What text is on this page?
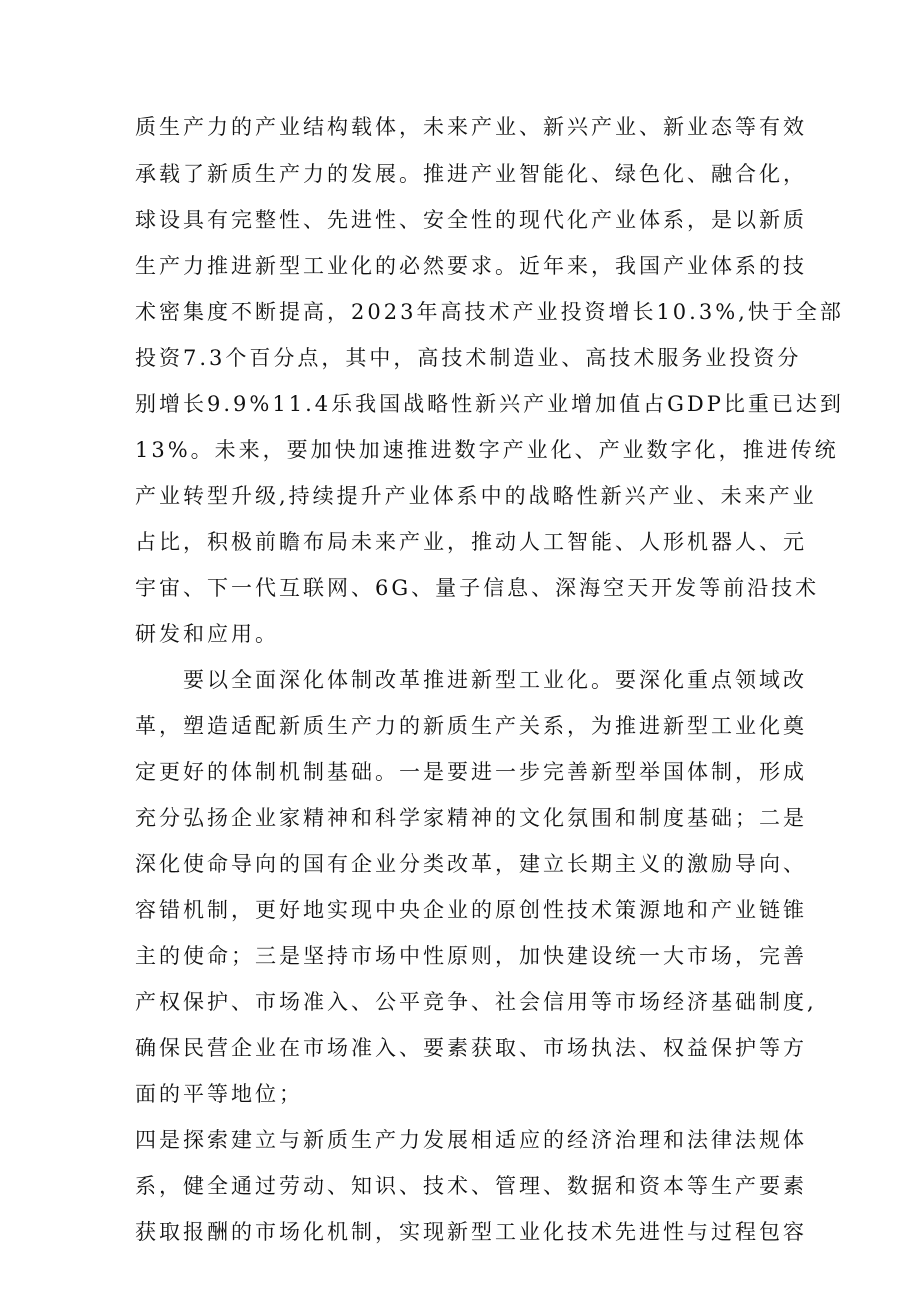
质生产力的产业结构载体，未来产业、新兴产业、新业态等有效
承载了新质生产力的发展。推进产业智能化、绿色化、融合化，
球设具有完整性、先进性、安全性的现代化产业体系，是以新质
生产力推进新型工业化的必然要求。近年来，我国产业体系的技
术密集度不断提高，2023年高技术产业投资增长10.3%,快于全部
投资7.3个百分点，其中，高技术制造业、高技术服务业投资分
别增长9.9%11.4乐我国战略性新兴产业增加值占GDP比重已达到
13%。未来，要加快加速推进数字产业化、产业数字化，推进传统
产业转型升级,持续提升产业体系中的战略性新兴产业、未来产业
占比，积极前瞻布局未来产业，推动人工智能、人形机器人、元
宇宙、下一代互联网、6G、量子信息、深海空天开发等前沿技术
研发和应用。
要以全面深化体制改革推进新型工业化。要深化重点领域改
革，塑造适配新质生产力的新质生产关系，为推进新型工业化奠
定更好的体制机制基础。一是要进一步完善新型举国体制，形成
充分弘扬企业家精神和科学家精神的文化氛围和制度基础；二是
深化使命导向的国有企业分类改革，建立长期主义的激励导向、
容错机制，更好地实现中央企业的原创性技术策源地和产业链锥
主的使命；三是坚持市场中性原则，加快建设统一大市场，完善
产权保护、市场准入、公平竞争、社会信用等市场经济基础制度,
确保民营企业在市场准入、要素获取、市场执法、权益保护等方
面的平等地位；
四是探索建立与新质生产力发展相适应的经济治理和法律法规体
系，健全通过劳动、知识、技术、管理、数据和资本等生产要素
获取报酬的市场化机制，实现新型工业化技术先进性与过程包容
